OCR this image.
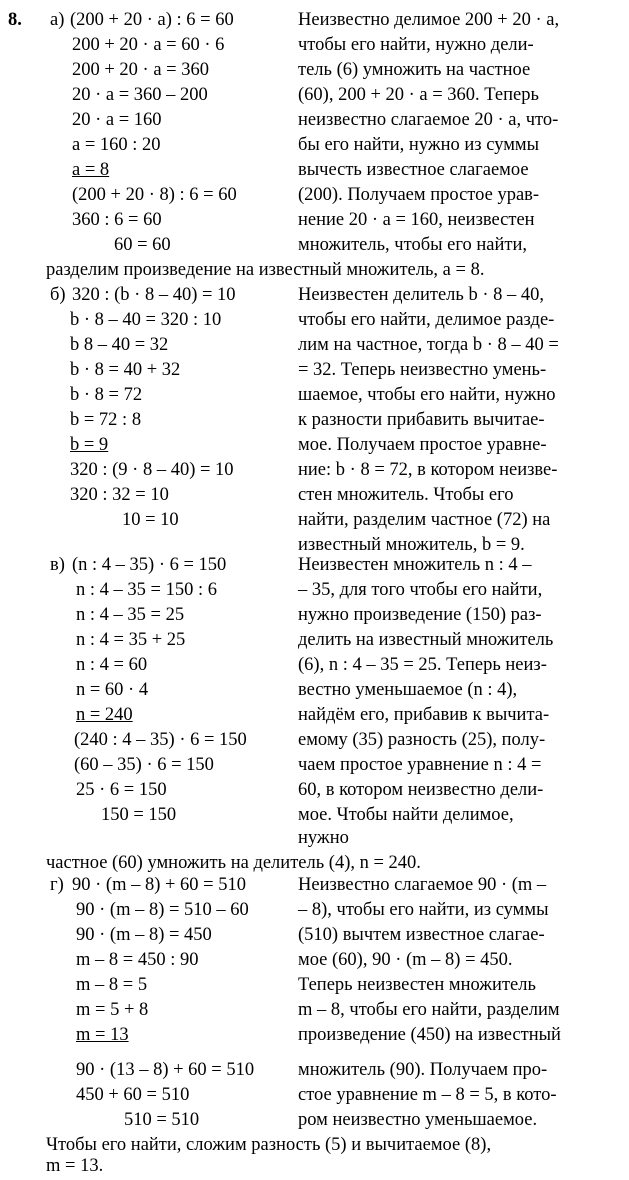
8. а) (200 + 20 · a) : 6 = 60
200 + 20 · a = 60 · 6
200 + 20 · a = 360
20 · a = 360 – 200
20 · a = 160
a = 160 : 20
a = 8
(200 + 20 · 8) : 6 = 60
360 : 6 = 60
60 = 60
Неизвестно делимое 200 + 20 · a,
чтобы его найти, нужно дели-
тель (6) умножить на частное
(60), 200 + 20 · a = 360. Теперь
неизвестно слагаемое 20 · a, что-
бы его найти, нужно из суммы
вычесть известное слагаемое
(200). Получаем простое урав-
нение 20 · a = 160, неизвестен
множитель, чтобы его найти,
разделим произведение на известный множитель, a = 8.
б) 320 : (b · 8 – 40) = 10
b · 8 – 40 = 320 : 10
b 8 – 40 = 32
b · 8 = 40 + 32
b · 8 = 72
b = 72 : 8
b = 9
320 : (9 · 8 – 40) = 10
320 : 32 = 10
10 = 10
Неизвестен делитель b · 8 – 40,
чтобы его найти, делимое разде-
лим на частное, тогда b · 8 – 40 =
= 32. Теперь неизвестно умень-
шаемое, чтобы его найти, нужно
к разности прибавить вычитае-
мое. Получаем простое уравне-
ние: b · 8 = 72, в котором неизве-
стен множитель. Чтобы его
найти, разделим частное (72) на
известный множитель, b = 9.
в) (n : 4 – 35) · 6 = 150
n : 4 – 35 = 150 : 6
n : 4 – 35 = 25
n : 4 = 35 + 25
n : 4 = 60
n = 60 · 4
n = 240
(240 : 4 – 35) · 6 = 150
(60 – 35) · 6 = 150
25 · 6 = 150
150 = 150
Неизвестен множитель n : 4 –
– 35, для того чтобы его найти,
нужно произведение (150) раз-
делить на известный множитель
(6), n : 4 – 35 = 25. Теперь неиз-
вестно уменьшаемое (n : 4),
найдём его, прибавив к вычита-
емому (35) разность (25), полу-
чаем простое уравнение n : 4 =
60, в котором неизвестно дели-
мое. Чтобы найти делимое,
нужно
частное (60) умножить на делитель (4), n = 240.
г) 90 · (m – 8) + 60 = 510
90 · (m – 8) = 510 – 60
90 · (m – 8) = 450
m – 8 = 450 : 90
m – 8 = 5
m = 5 + 8
m = 13
90 · (13 – 8) + 60 = 510
450 + 60 = 510
510 = 510
Неизвестно слагаемое 90 · (m –
– 8), чтобы его найти, из суммы
(510) вычтем известное слагае-
мое (60), 90 · (m – 8) = 450.
Теперь неизвестен множитель
m – 8, чтобы его найти, разделим
произведение (450) на известный
множитель (90). Получаем про-
стое уравнение m – 8 = 5, в кото-
ром неизвестно уменьшаемое.
Чтобы его найти, сложим разность (5) и вычитаемое (8),
m = 13.
